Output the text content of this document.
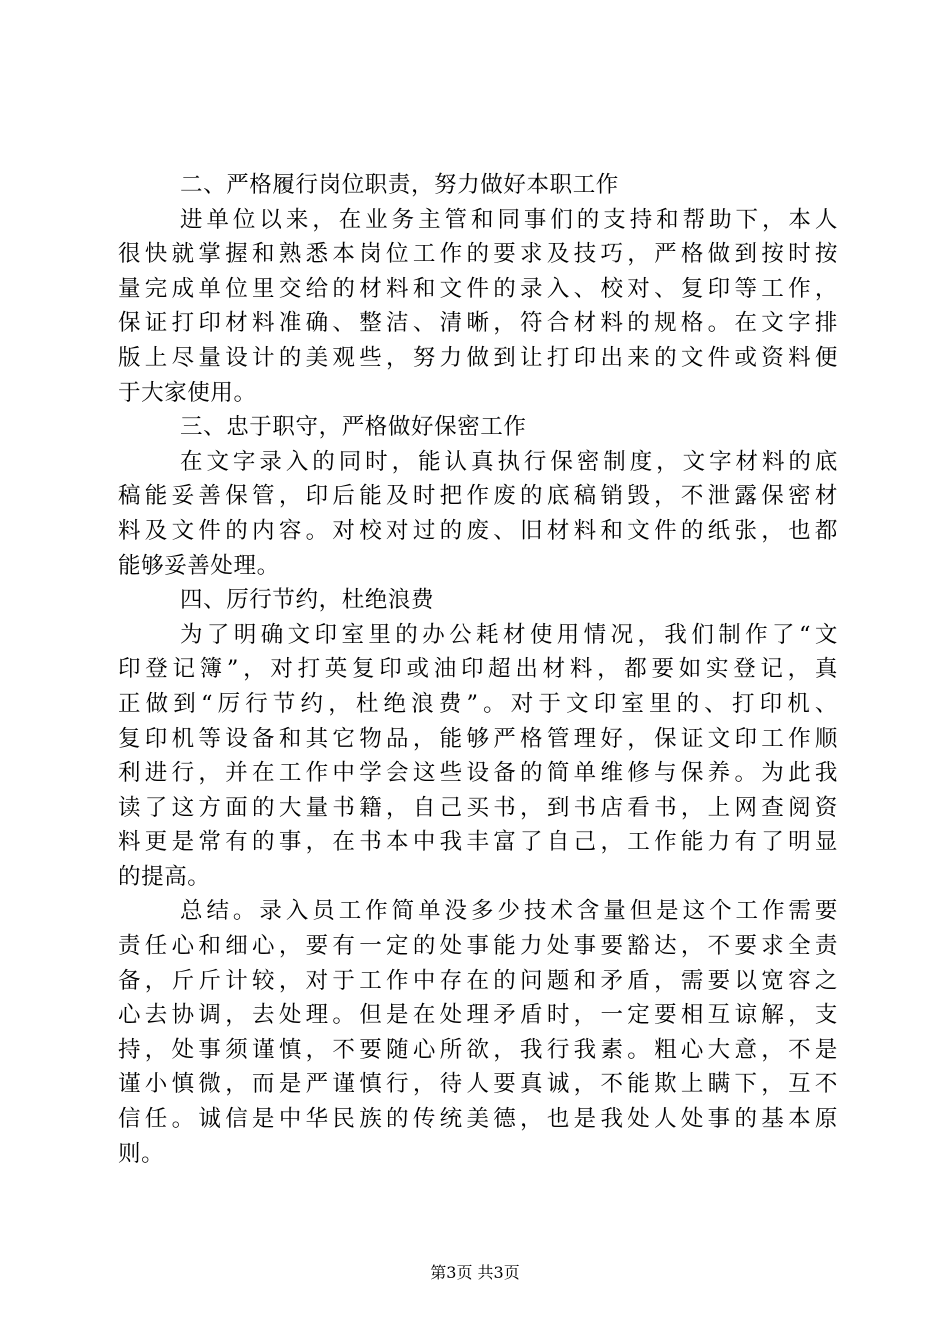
二、严格履行岗位职责，努力做好本职工作
进单位以来，在业务主管和同事们的支持和帮助下，本人
很快就掌握和熟悉本岗位工作的要求及技巧，严格做到按时按
量完成单位里交给的材料和文件的录入、校对、复印等工作，
保证打印材料准确、整洁、清晰，符合材料的规格。在文字排
版上尽量设计的美观些，努力做到让打印出来的文件或资料便
于大家使用。
三、忠于职守，严格做好保密工作
在文字录入的同时，能认真执行保密制度，文字材料的底
稿能妥善保管，印后能及时把作废的底稿销毁，不泄露保密材
料及文件的内容。对校对过的废、旧材料和文件的纸张，也都
能够妥善处理。
四、厉行节约，杜绝浪费
为了明确文印室里的办公耗材使用情况，我们制作了“文
印登记簿”，对打英复印或油印超出材料，都要如实登记，真
正做到“厉行节约，杜绝浪费”。对于文印室里的、打印机、
复印机等设备和其它物品，能够严格管理好，保证文印工作顺
利进行，并在工作中学会这些设备的简单维修与保养。为此我
读了这方面的大量书籍，自己买书，到书店看书，上网查阅资
料更是常有的事，在书本中我丰富了自己，工作能力有了明显
的提高。
总结。录入员工作简单没多少技术含量但是这个工作需要
责任心和细心，要有一定的处事能力处事要豁达，不要求全责
备，斤斤计较，对于工作中存在的问题和矛盾，需要以宽容之
心去协调，去处理。但是在处理矛盾时，一定要相互谅解，支
持，处事须谨慎，不要随心所欲，我行我素。粗心大意，不是
谨小慎微，而是严谨慎行，待人要真诚，不能欺上瞒下，互不
信任。诚信是中华民族的传统美德，也是我处人处事的基本原
则。
第3页 共3页
